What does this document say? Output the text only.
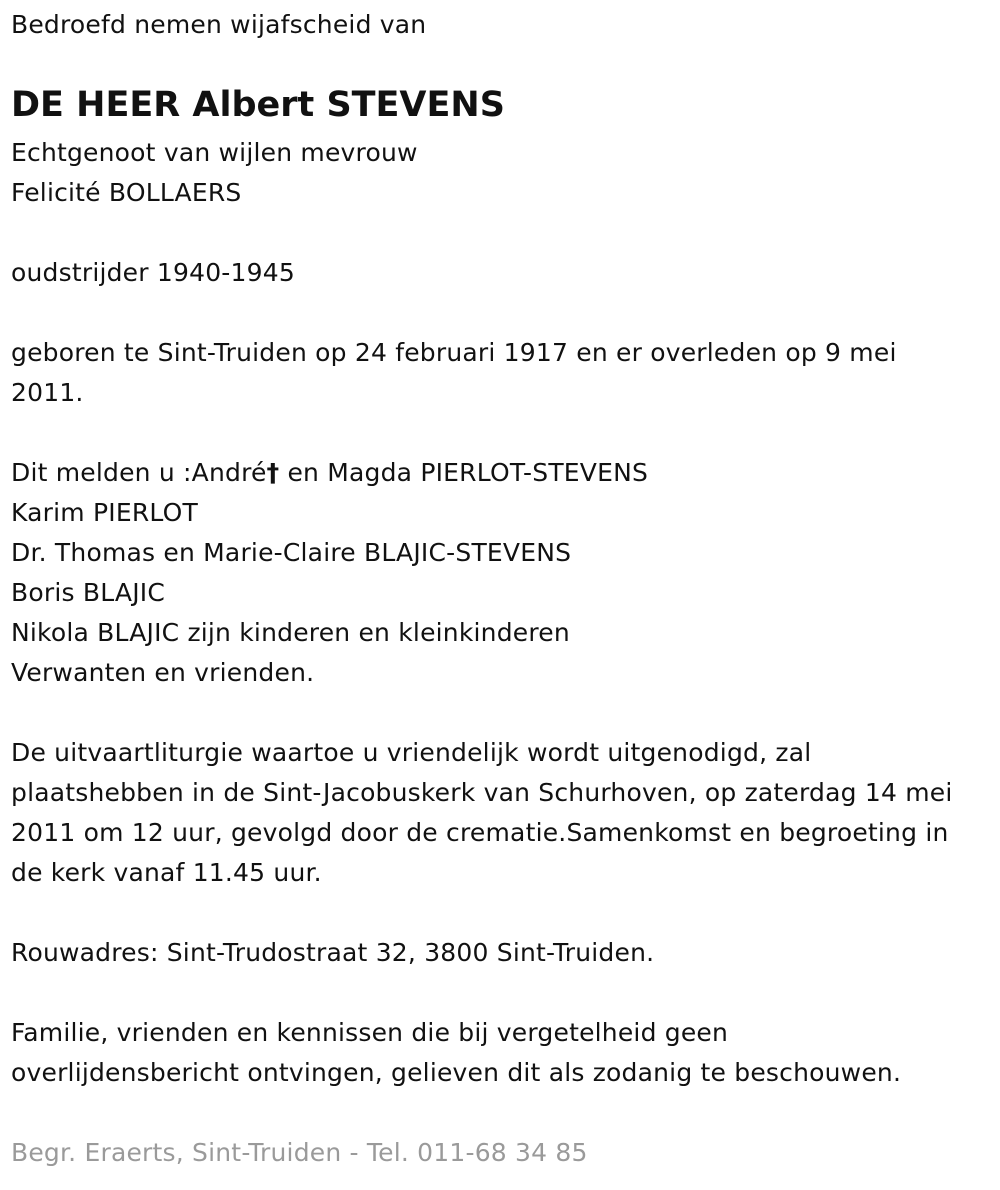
Bedroefd nemen wijafscheid van
DE HEER Albert STEVENS
Echtgenoot van wijlen mevrouw
Felicité BOLLAERS
oudstrijder 1940-1945
geboren te Sint-Truiden op 24 februari 1917 en er overleden op 9 mei
2011.
Dit melden u :André† en Magda PIERLOT-STEVENS
Karim PIERLOT
Dr. Thomas en Marie-Claire BLAJIC-STEVENS
Boris BLAJIC
Nikola BLAJIC zijn kinderen en kleinkinderen
Verwanten en vrienden.
De uitvaartliturgie waartoe u vriendelijk wordt uitgenodigd, zal
plaatshebben in de Sint-Jacobuskerk van Schurhoven, op zaterdag 14 mei
2011 om 12 uur, gevolgd door de crematie.Samenkomst en begroeting in
de kerk vanaf 11.45 uur.
Rouwadres: Sint-Trudostraat 32, 3800 Sint-Truiden.
Familie, vrienden en kennissen die bij vergetelheid geen
overlijdensbericht ontvingen, gelieven dit als zodanig te beschouwen.
Begr. Eraerts, Sint-Truiden - Tel. 011-68 34 85
